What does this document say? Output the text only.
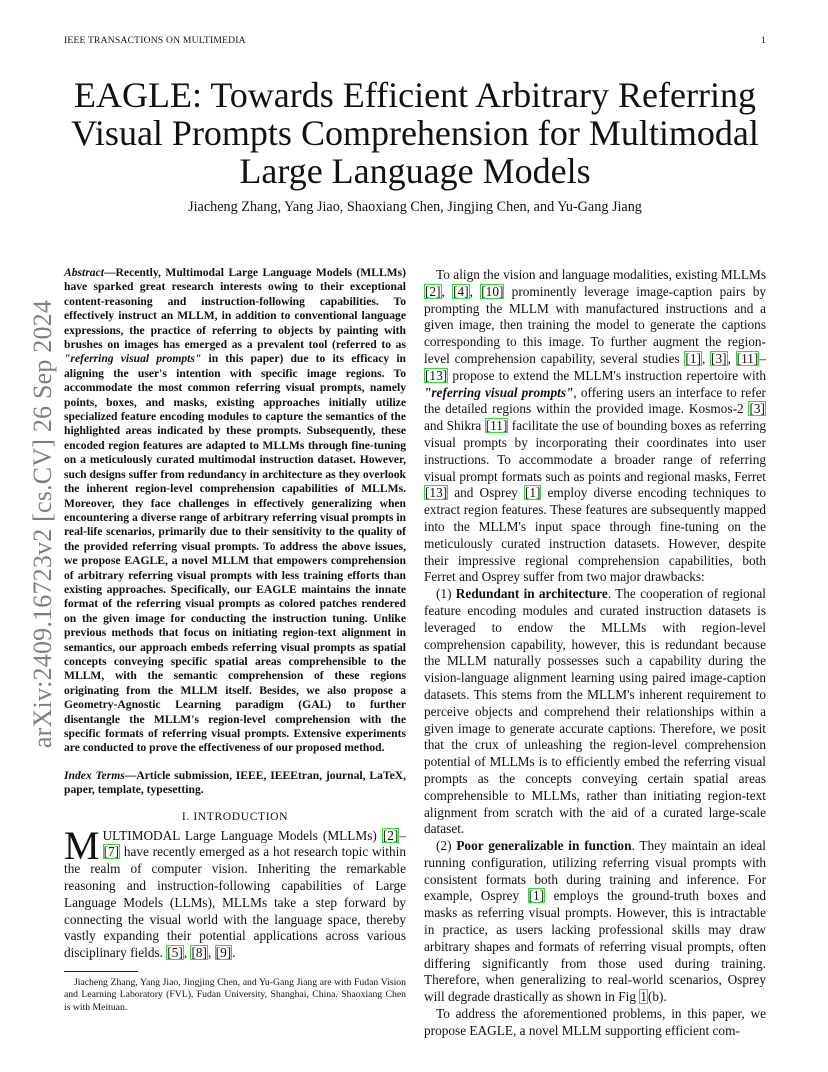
IEEE TRANSACTIONS ON MULTIMEDIA	1
arXiv:2409.16723v2 [cs.CV] 26 Sep 2024
EAGLE: Towards Efficient Arbitrary Referring Visual Prompts Comprehension for Multimodal Large Language Models
Jiacheng Zhang, Yang Jiao, Shaoxiang Chen, Jingjing Chen, and Yu-Gang Jiang

Abstract—Recently, Multimodal Large Language Models (MLLMs) have sparked great research interests owing to their exceptional content-reasoning and instruction-following capabilities. To effectively instruct an MLLM, in addition to conventional language expressions, the practice of referring to objects by painting with brushes on images has emerged as a prevalent tool (referred to as "referring visual prompts" in this paper) due to its efficacy in aligning the user's intention with specific image regions. To accommodate the most common referring visual prompts, namely points, boxes, and masks, existing approaches initially utilize specialized feature encoding modules to capture the semantics of the highlighted areas indicated by these prompts. Subsequently, these encoded region features are adapted to MLLMs through fine-tuning on a meticulously curated multimodal instruction dataset. However, such designs suffer from redundancy in architecture as they overlook the inherent region-level comprehension capabilities of MLLMs. Moreover, they face challenges in effectively generalizing when encountering a diverse range of arbitrary referring visual prompts in real-life scenarios, primarily due to their sensitivity to the quality of the provided referring visual prompts. To address the above issues, we propose EAGLE, a novel MLLM that empowers comprehension of arbitrary referring visual prompts with less training efforts than existing approaches. Specifically, our EAGLE maintains the innate format of the referring visual prompts as colored patches rendered on the given image for conducting the instruction tuning. Unlike previous methods that focus on initiating region-text alignment in semantics, our approach embeds referring visual prompts as spatial concepts conveying specific spatial areas comprehensible to the MLLM, with the semantic comprehension of these regions originating from the MLLM itself. Besides, we also propose a Geometry-Agnostic Learning paradigm (GAL) to further disentangle the MLLM's region-level comprehension with the specific formats of referring visual prompts. Extensive experiments are conducted to prove the effectiveness of our proposed method.

Index Terms—Article submission, IEEE, IEEEtran, journal, LaTeX, paper, template, typesetting.

I. INTRODUCTION

MULTIMODAL Large Language Models (MLLMs) [2]–[7] have recently emerged as a hot research topic within the realm of computer vision. Inheriting the remarkable reasoning and instruction-following capabilities of Large Language Models (LLMs), MLLMs take a step forward by connecting the visual world with the language space, thereby vastly expanding their potential applications across various disciplinary fields. [5], [8], [9].

Jiacheng Zhang, Yang Jiao, Jingjing Chen, and Yu-Gang Jiang are with Fudan Vision and Learning Laboratory (FVL), Fudan University, Shanghai, China. Shaoxiang Chen is with Meituan.

To align the vision and language modalities, existing MLLMs [2], [4], [10] prominently leverage image-caption pairs by prompting the MLLM with manufactured instructions and a given image, then training the model to generate the captions corresponding to this image. To further augment the region-level comprehension capability, several studies [1], [3], [11]–[13] propose to extend the MLLM's instruction repertoire with "referring visual prompts", offering users an interface to refer the detailed regions within the provided image. Kosmos-2 [3] and Shikra [11] facilitate the use of bounding boxes as referring visual prompts by incorporating their coordinates into user instructions. To accommodate a broader range of referring visual prompt formats such as points and regional masks, Ferret [13] and Osprey [1] employ diverse encoding techniques to extract region features. These features are subsequently mapped into the MLLM's input space through fine-tuning on the meticulously curated instruction datasets. However, despite their impressive regional comprehension capabilities, both Ferret and Osprey suffer from two major drawbacks:

(1) Redundant in architecture. The cooperation of regional feature encoding modules and curated instruction datasets is leveraged to endow the MLLMs with region-level comprehension capability, however, this is redundant because the MLLM naturally possesses such a capability during the vision-language alignment learning using paired image-caption datasets. This stems from the MLLM's inherent requirement to perceive objects and comprehend their relationships within a given image to generate accurate captions. Therefore, we posit that the crux of unleashing the region-level comprehension potential of MLLMs is to efficiently embed the referring visual prompts as the concepts conveying certain spatial areas comprehensible to MLLMs, rather than initiating region-text alignment from scratch with the aid of a curated large-scale dataset.

(2) Poor generalizable in function. They maintain an ideal running configuration, utilizing referring visual prompts with consistent formats both during training and inference. For example, Osprey [1] employs the ground-truth boxes and masks as referring visual prompts. However, this is intractable in practice, as users lacking professional skills may draw arbitrary shapes and formats of referring visual prompts, often differing significantly from those used during training. Therefore, when generalizing to real-world scenarios, Osprey will degrade drastically as shown in Fig 1(b).

To address the aforementioned problems, in this paper, we propose EAGLE, a novel MLLM supporting efficient com-
